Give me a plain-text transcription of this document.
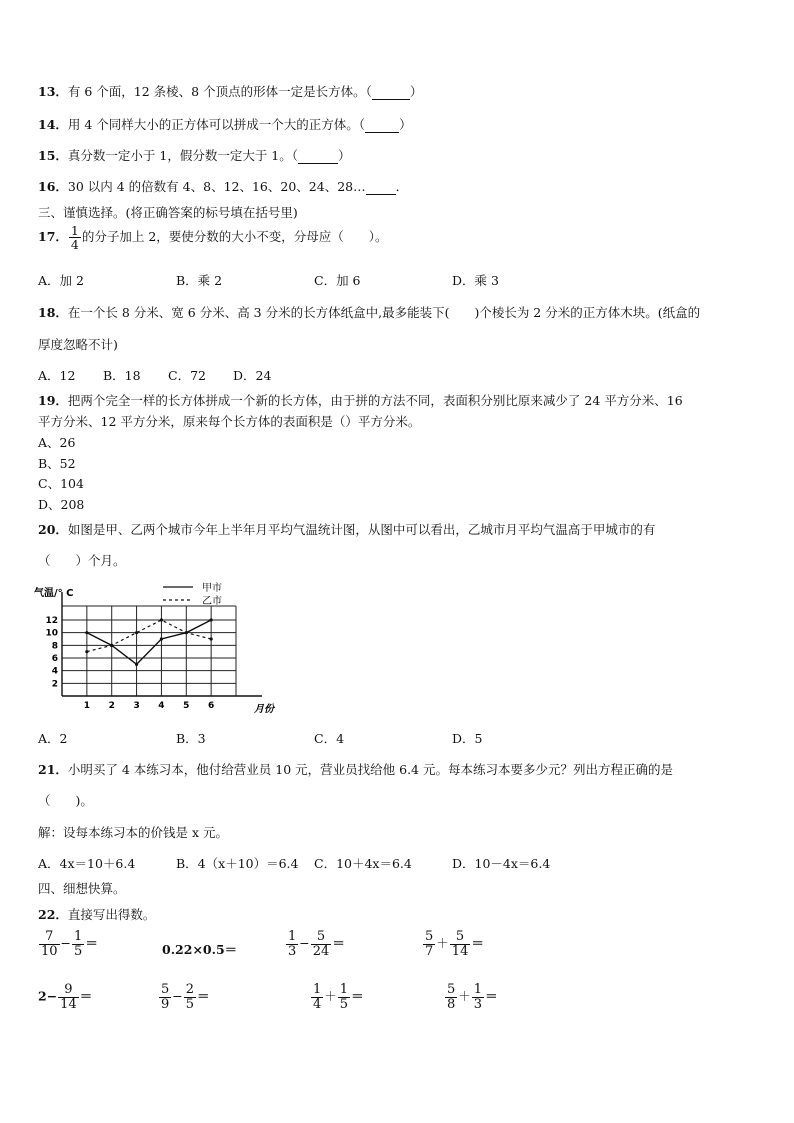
13．有 6 个面，12 条棱、8 个顶点的形体一定是长方体。（	）
14．用 4 个同样大小的正方体可以拼成一个大的正方体。（	）
15．真分数一定小于 1，假分数一定大于 1。（	）
16．30 以内 4 的倍数有 4、8、12、16、20、24、28… ．
三、谨慎选择。(将正确答案的标号填在括号里)
17． $\frac{1}{4}$ 的分子加上 2，要使分数的大小不变，分母应（　　）。
A．加 2	B．乘 2	C．加 6	D．乘 3
18．在一个长 8 分米、宽 6 分米、高 3 分米的长方体纸盒中,最多能装下(　　)个棱长为 2 分米的正方体木块。(纸盒的
厚度忽略不计)
A．12 B．18 C．72 D．24
19．把两个完全一样的长方体拼成一个新的长方体，由于拼的方法不同，表面积分别比原来减少了 24 平方分米、16
平方分米、12 平方分米，原来每个长方体的表面积是（）平方分米。
A、26
B、52
C、104
D、208
20．如图是甲、乙两个城市今年上半年月平均气温统计图，从图中可以看出，乙城市月平均气温高于甲城市的有
（　　）个月。
2
4
6
8
10
12
1 2 3 4 5 6
气温/° C
月份
甲市
乙市
A．2	B．3	C．4	D．5
21．小明买了 4 本练习本，他付给营业员 10 元，营业员找给他 6.4 元。每本练习本要多少元？列出方程正确的是
（　　)。
解：设每本练习本的价钱是 x 元。
A．4x＝10＋6.4	B．4（x＋10）＝6.4 C．10＋4x＝6.4	D．10－4x＝6.4
四、细想快算。
22．直接写出得数。
$\frac{7}{10} - \frac{1}{5}$ ＝	0.22×0.5＝	$\frac{1}{3} - \frac{5}{24}$ ＝	$\frac{5}{7} + \frac{5}{14}$ ＝
$2- \frac{9}{14}$ ＝	$\frac{5}{9} - \frac{2}{5}$ ＝	$\frac{1}{4} + \frac{1}{5}$ ＝	$\frac{5}{8} + \frac{1}{3}$ ＝
